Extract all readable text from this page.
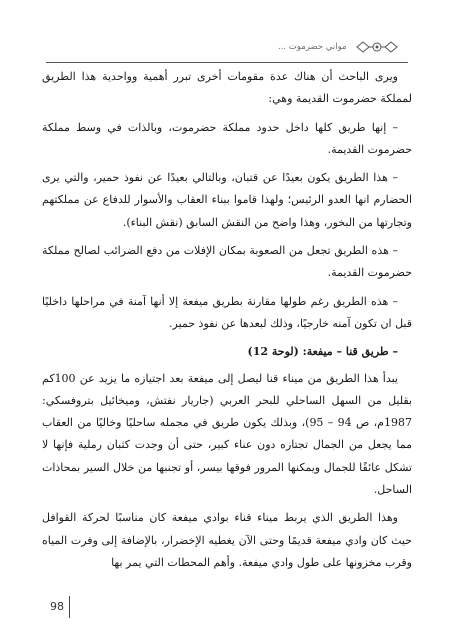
مواني حضرموت ...

ويرى الباحث أن هناك عدة مقومات أخرى تبرر أهمية وواحدية هذا الطريق لمملكة حضرموت القديمة وهي:

– إنها طريق كلها داخل حدود مملكة حضرموت، وبالذات في وسط مملكة حضرموت القديمة.

– هذا الطريق يكون بعيدًا عن قتبان، وبالتالي بعيدًا عن نفوذ حمير، والتي يرى الحضارم انها العدو الرئيس؛ ولهذا قاموا ببناء العقاب والأسوار للدفاع عن مملكتهم وتجارتها من البخور، وهذا واضح من النقش السابق (نقش البناء).

– هذه الطريق تجعل من الصعوبة بمكان الإفلات من دفع الضرائب لصالح مملكة حضرموت القديمة.

– هذه الطريق رغم طولها مقارنة بطريق ميفعة إلا أنها آمنة في مراحلها داخليًا قبل ان تكون آمنه خارجيًا، وذلك لبعدها عن نفوذ حمير.

– طريق قنا – ميفعة: (لوحة 12)

يبدأ هذا الطريق من ميناء قنا ليصل إلى ميفعة بعد اجتيازه ما يزيد عن 100كم بقليل من السهل الساحلي للبحر العربي (جاريار نفتش، وميخائيل بتروفسكي: 1987م، ص 94 – 95)، وبذلك يكون طريق في مجمله ساحليًا وخاليًا من العقاب مما يجعل من الجمال تجتازه دون عناء كبير، حتى أن وجدت كثبان رملية فإنها لا تشكل عائقًا للجمال ويمكنها المرور فوقها بيسر، أو تجنبها من خلال السير بمحاذات الساحل.

وهذا الطريق الذي يربط ميناء قناء بوادي ميفعة كان مناسبًا لحركة القوافل حيث كان وادي ميفعة قديمًا وحتى الآن يغطيه الإخضرار، بالإضافة إلى وفرت المياه وقرب مخزونها على طول وادي ميفعة. وأهم المحطات التي يمر بها

98
